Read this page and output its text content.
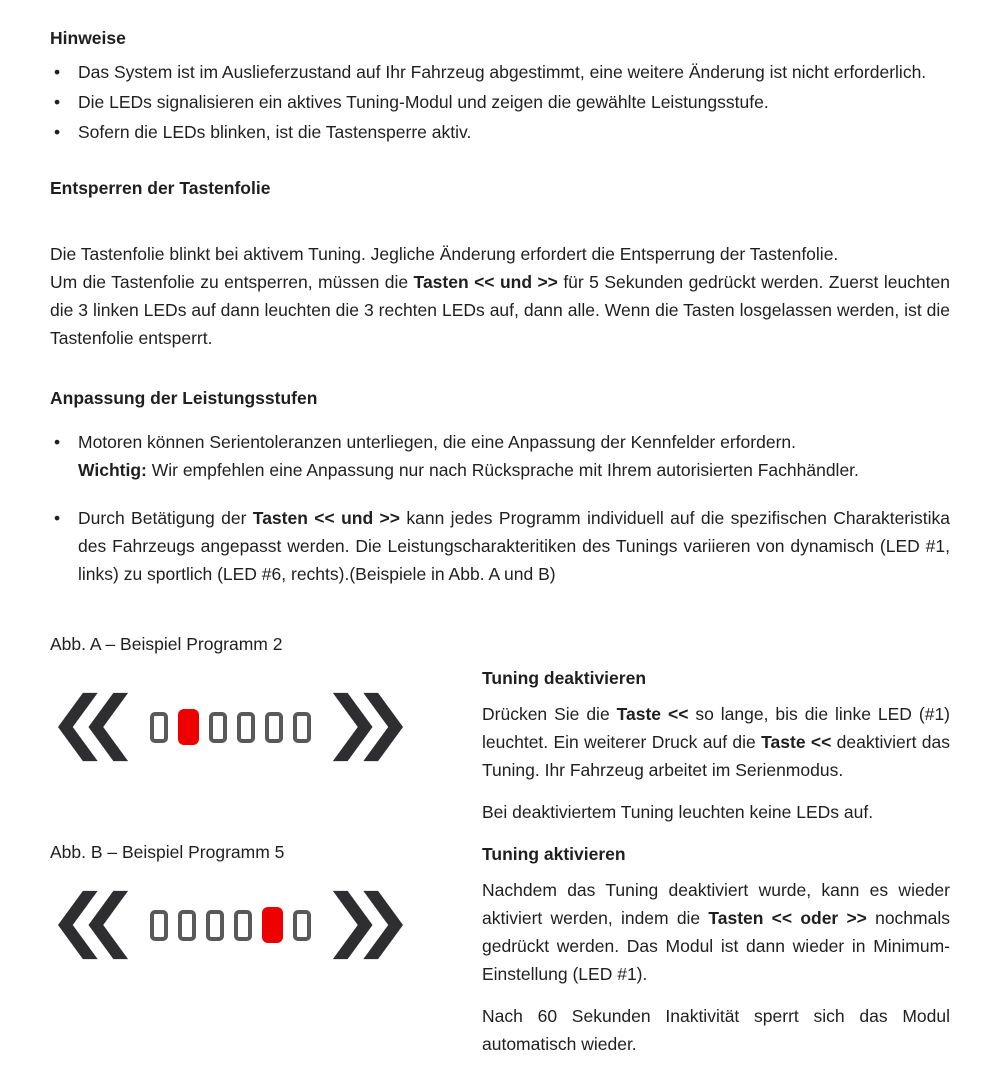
Hinweise
• Das System ist im Auslieferzustand auf Ihr Fahrzeug abgestimmt, eine weitere Änderung ist nicht erforderlich.
• Die LEDs signalisieren ein aktives Tuning-Modul und zeigen die gewählte Leistungsstufe.
• Sofern die LEDs blinken, ist die Tastensperre aktiv.
Entsperren der Tastenfolie
Die Tastenfolie blinkt bei aktivem Tuning. Jegliche Änderung erfordert die Entsperrung der Tastenfolie.

Um die Tastenfolie zu entsperren, müssen die Tasten << und >> für 5 Sekunden gedrückt werden. Zuerst leuchten die 3 linken LEDs auf dann leuchten die 3 rechten LEDs auf, dann alle. Wenn die Tasten losgelassen werden, ist die Tastenfolie entsperrt.

Anpassung der Leistungsstufen
• Motoren können Serientoleranzen unterliegen, die eine Anpassung der Kennfelder erfordern.
Wichtig: Wir empfehlen eine Anpassung nur nach Rücksprache mit Ihrem autorisierten Fachhändler.
• Durch Betätigung der Tasten << und >> kann jedes Programm individuell auf die spezifischen Charakteristika des Fahrzeugs angepasst werden. Die Leistungscharakteritiken des Tunings variieren von dynamisch (LED #1, links) zu sportlich (LED #6, rechts).(Beispiele in Abb. A und B)
Abb. A – Beispiel Programm 2
Abb. B – Beispiel Programm 5
Tuning deaktivieren

Drücken Sie die Taste << so lange, bis die linke LED (#1) leuchtet. Ein weiterer Druck auf die Taste << deaktiviert das Tuning. Ihr Fahrzeug arbeitet im Serienmodus.

Bei deaktiviertem Tuning leuchten keine LEDs auf.

Tuning aktivieren

Nachdem das Tuning deaktiviert wurde, kann es wieder aktiviert werden, indem die Tasten << oder >> nochmals gedrückt werden. Das Modul ist dann wieder in Minimum-Einstellung (LED #1).

Nach 60 Sekunden Inaktivität sperrt sich das Modul automatisch wieder.
